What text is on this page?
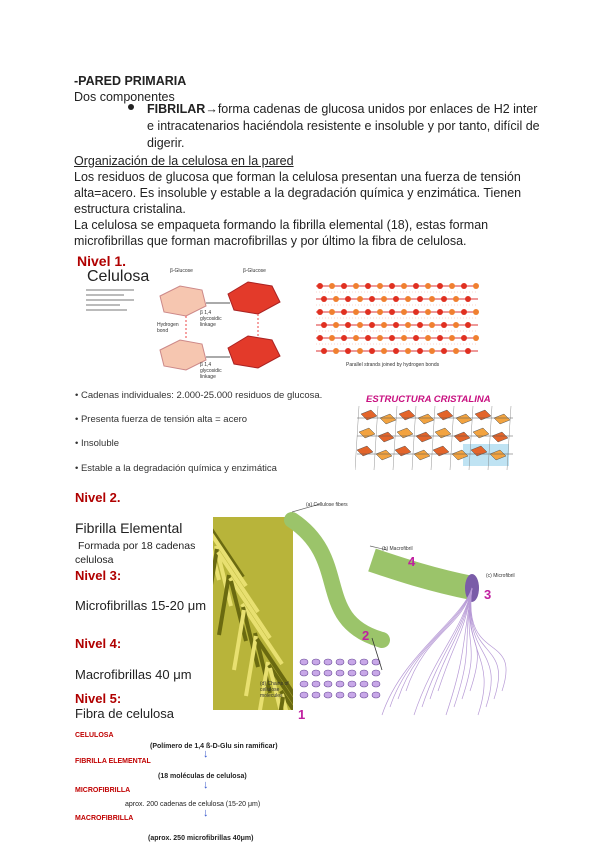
-PARED PRIMARIA
Dos componentes
FIBRILAR→forma cadenas de glucosa unidos por enlaces de H2 inter
e intracatenarios haciéndola resistente e insoluble y por tanto, difícil de
digerir.
Organización de la celulosa en la pared
Los residuos de glucosa que forman la celulosa presentan una fuerza de tensión
alta=acero. Es insoluble y estable a la degradación química y enzimática. Tienen
estructura cristalina.
La celulosa se empaqueta formando la fibrilla elemental (18), estas forman
microfibrillas que forman macrofibrillas y por último la fibra de celulosa.
Nivel 1.
Celulosa	β-Glucose	β-Glucose
β 1,4 glycosidic linkage
β 1,4 glycosidic linkage
Hydrogen bond
Parallel strands joined by hydrogen bonds
• Cadenas individuales: 2.000-25.000 residuos de glucosa.
• Presenta fuerza de tensión alta = acero
• Insoluble
• Estable a la degradación química y enzimática
ESTRUCTURA CRISTALINA
Nivel 2.
Fibrilla Elemental
Formada por 18 cadenas
celulosa
Nivel 3:
Microfibrillas 15-20 μm
Nivel 4:
Macrofibrillas 40 μm
Nivel 5:
Fibra de celulosa
(a) Cellulose fibers
(b) Macrofibril
(c) Microfibril
(d) Chains of cellulose molecules
1
2
3
4
CELULOSA
(Polímero de 1,4 ß-D-Glu sin ramificar)
↓
FIBRILLA ELEMENTAL
(18 moléculas de celulosa)
↓
MICROFIBRILLA
aprox. 200 cadenas de celulosa (15-20 μm)
↓
MACROFIBRILLA
(aprox. 250 microfibrillas 40μm)
